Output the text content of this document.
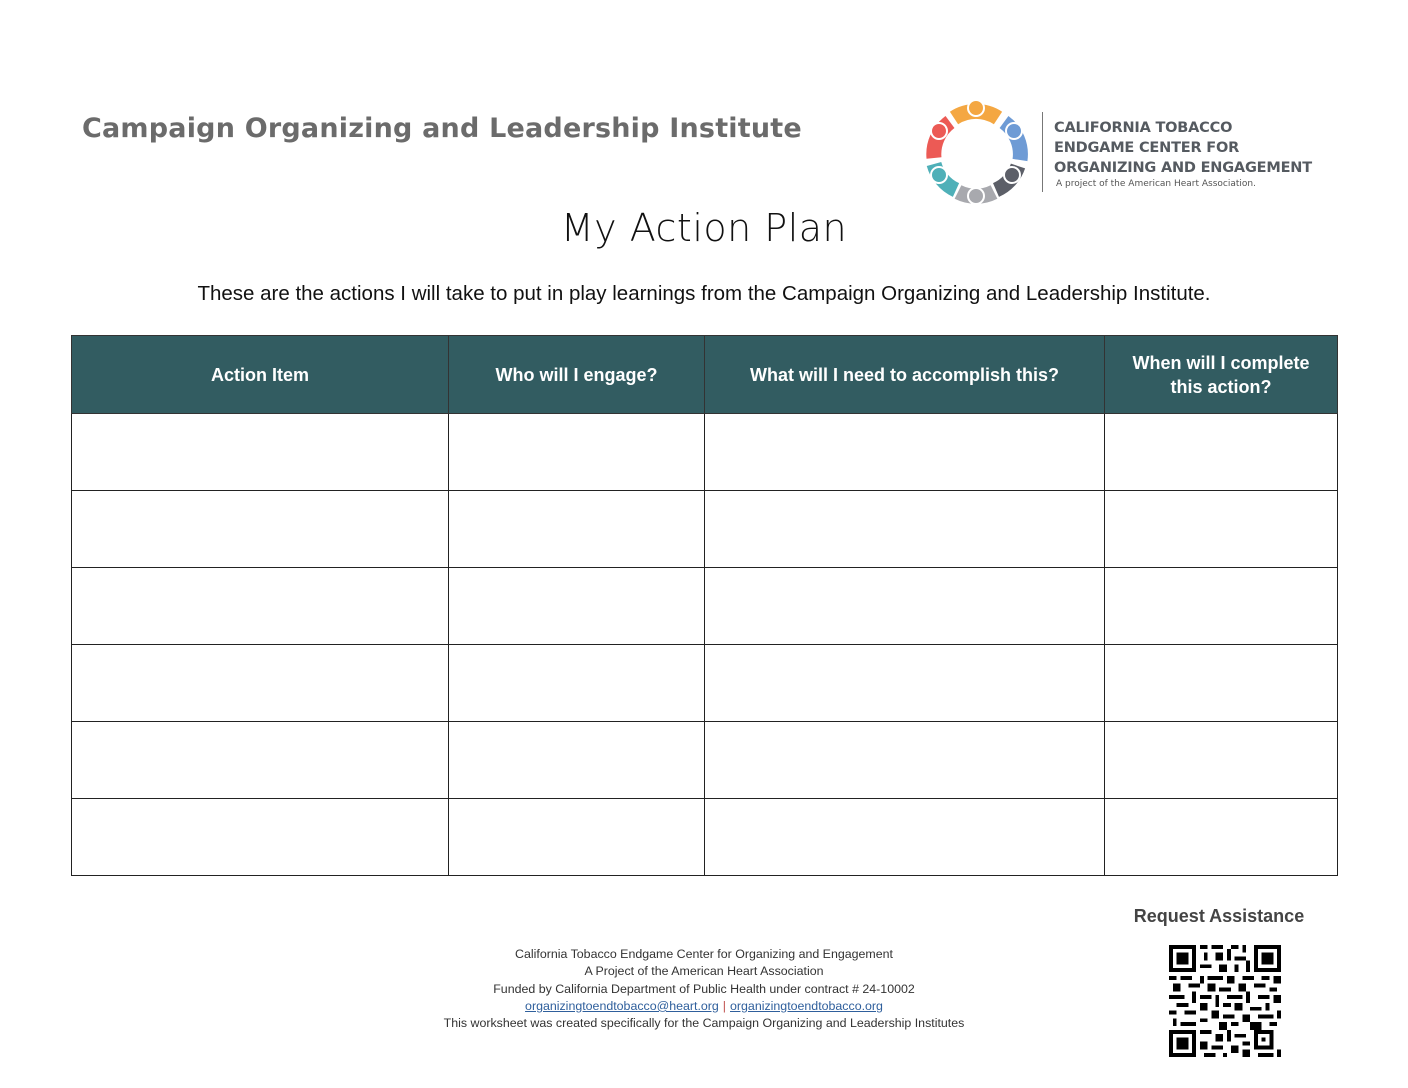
Campaign Organizing and Leadership Institute	CALIFORNIA TOBACCO
ENDGAME CENTER FOR
ORGANIZING AND ENGAGEMENT
A project of the American Heart Association.
My Action Plan
These are the actions I will take to put in play learnings from the Campaign Organizing and Leadership Institute.
Action Item	Who will I engage?	What will I need to accomplish this?	When will I complete this action?

Request Assistance
California Tobacco Endgame Center for Organizing and Engagement
A Project of the American Heart Association
Funded by California Department of Public Health under contract # 24-10002
organizingtoendtobacco@heart.org | organizingtoendtobacco.org
This worksheet was created specifically for the Campaign Organizing and Leadership Institutes
